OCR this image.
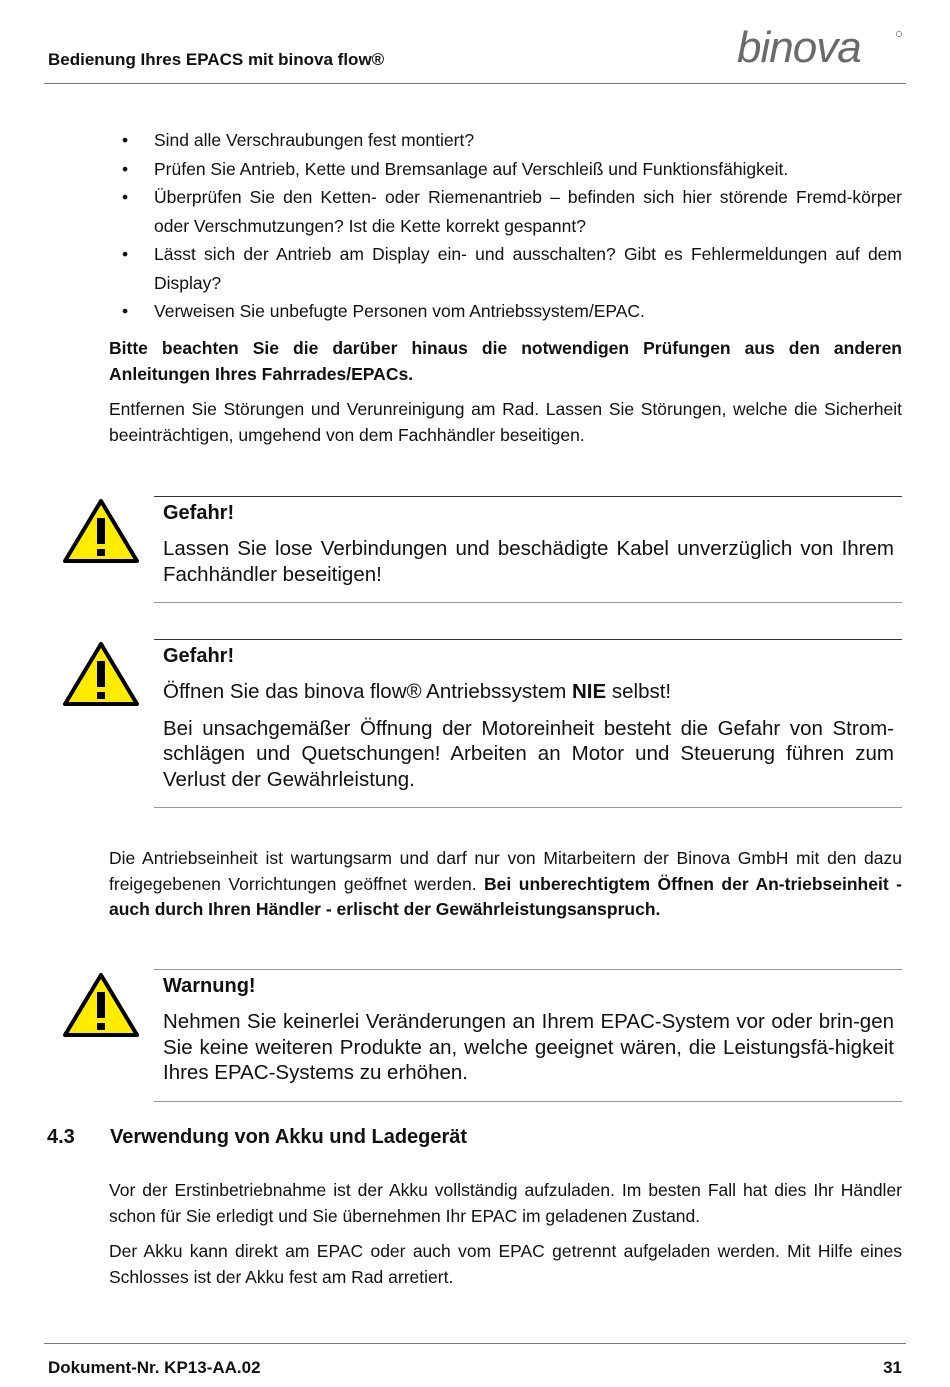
Bedienung Ihres EPACS mit binova flow®	binova
• Sind alle Verschraubungen fest montiert?
• Prüfen Sie Antrieb, Kette und Bremsanlage auf Verschleiß und Funktionsfähigkeit.
• Überprüfen Sie den Ketten- oder Riemenantrieb – befinden sich hier störende Fremd-körper oder Verschmutzungen? Ist die Kette korrekt gespannt?
• Lässt sich der Antrieb am Display ein- und ausschalten? Gibt es Fehlermeldungen auf dem Display?
• Verweisen Sie unbefugte Personen vom Antriebssystem/EPAC.

Bitte beachten Sie die darüber hinaus die notwendigen Prüfungen aus den anderen Anleitungen Ihres Fahrrades/EPACs.

Entfernen Sie Störungen und Verunreinigung am Rad. Lassen Sie Störungen, welche die Sicherheit beeinträchtigen, umgehend von dem Fachhändler beseitigen.

Gefahr!

Lassen Sie lose Verbindungen und beschädigte Kabel unverzüglich von Ihrem Fachhändler beseitigen!

Gefahr!

Öffnen Sie das binova flow® Antriebssystem NIE selbst!

Bei unsachgemäßer Öffnung der Motoreinheit besteht die Gefahr von Strom-schlägen und Quetschungen! Arbeiten an Motor und Steuerung führen zum Verlust der Gewährleistung.

Die Antriebseinheit ist wartungsarm und darf nur von Mitarbeitern der Binova GmbH mit den dazu freigegebenen Vorrichtungen geöffnet werden. Bei unberechtigtem Öffnen der An-triebseinheit - auch durch Ihren Händler - erlischt der Gewährleistungsanspruch.

Warnung!

Nehmen Sie keinerlei Veränderungen an Ihrem EPAC-System vor oder brin-gen Sie keine weiteren Produkte an, welche geeignet wären, die Leistungsfä-higkeit Ihres EPAC-Systems zu erhöhen.

4.3 Verwendung von Akku und Ladegerät

Vor der Erstinbetriebnahme ist der Akku vollständig aufzuladen. Im besten Fall hat dies Ihr Händler schon für Sie erledigt und Sie übernehmen Ihr EPAC im geladenen Zustand.

Der Akku kann direkt am EPAC oder auch vom EPAC getrennt aufgeladen werden. Mit Hilfe eines Schlosses ist der Akku fest am Rad arretiert.

Dokument-Nr. KP13-AA.02	31
